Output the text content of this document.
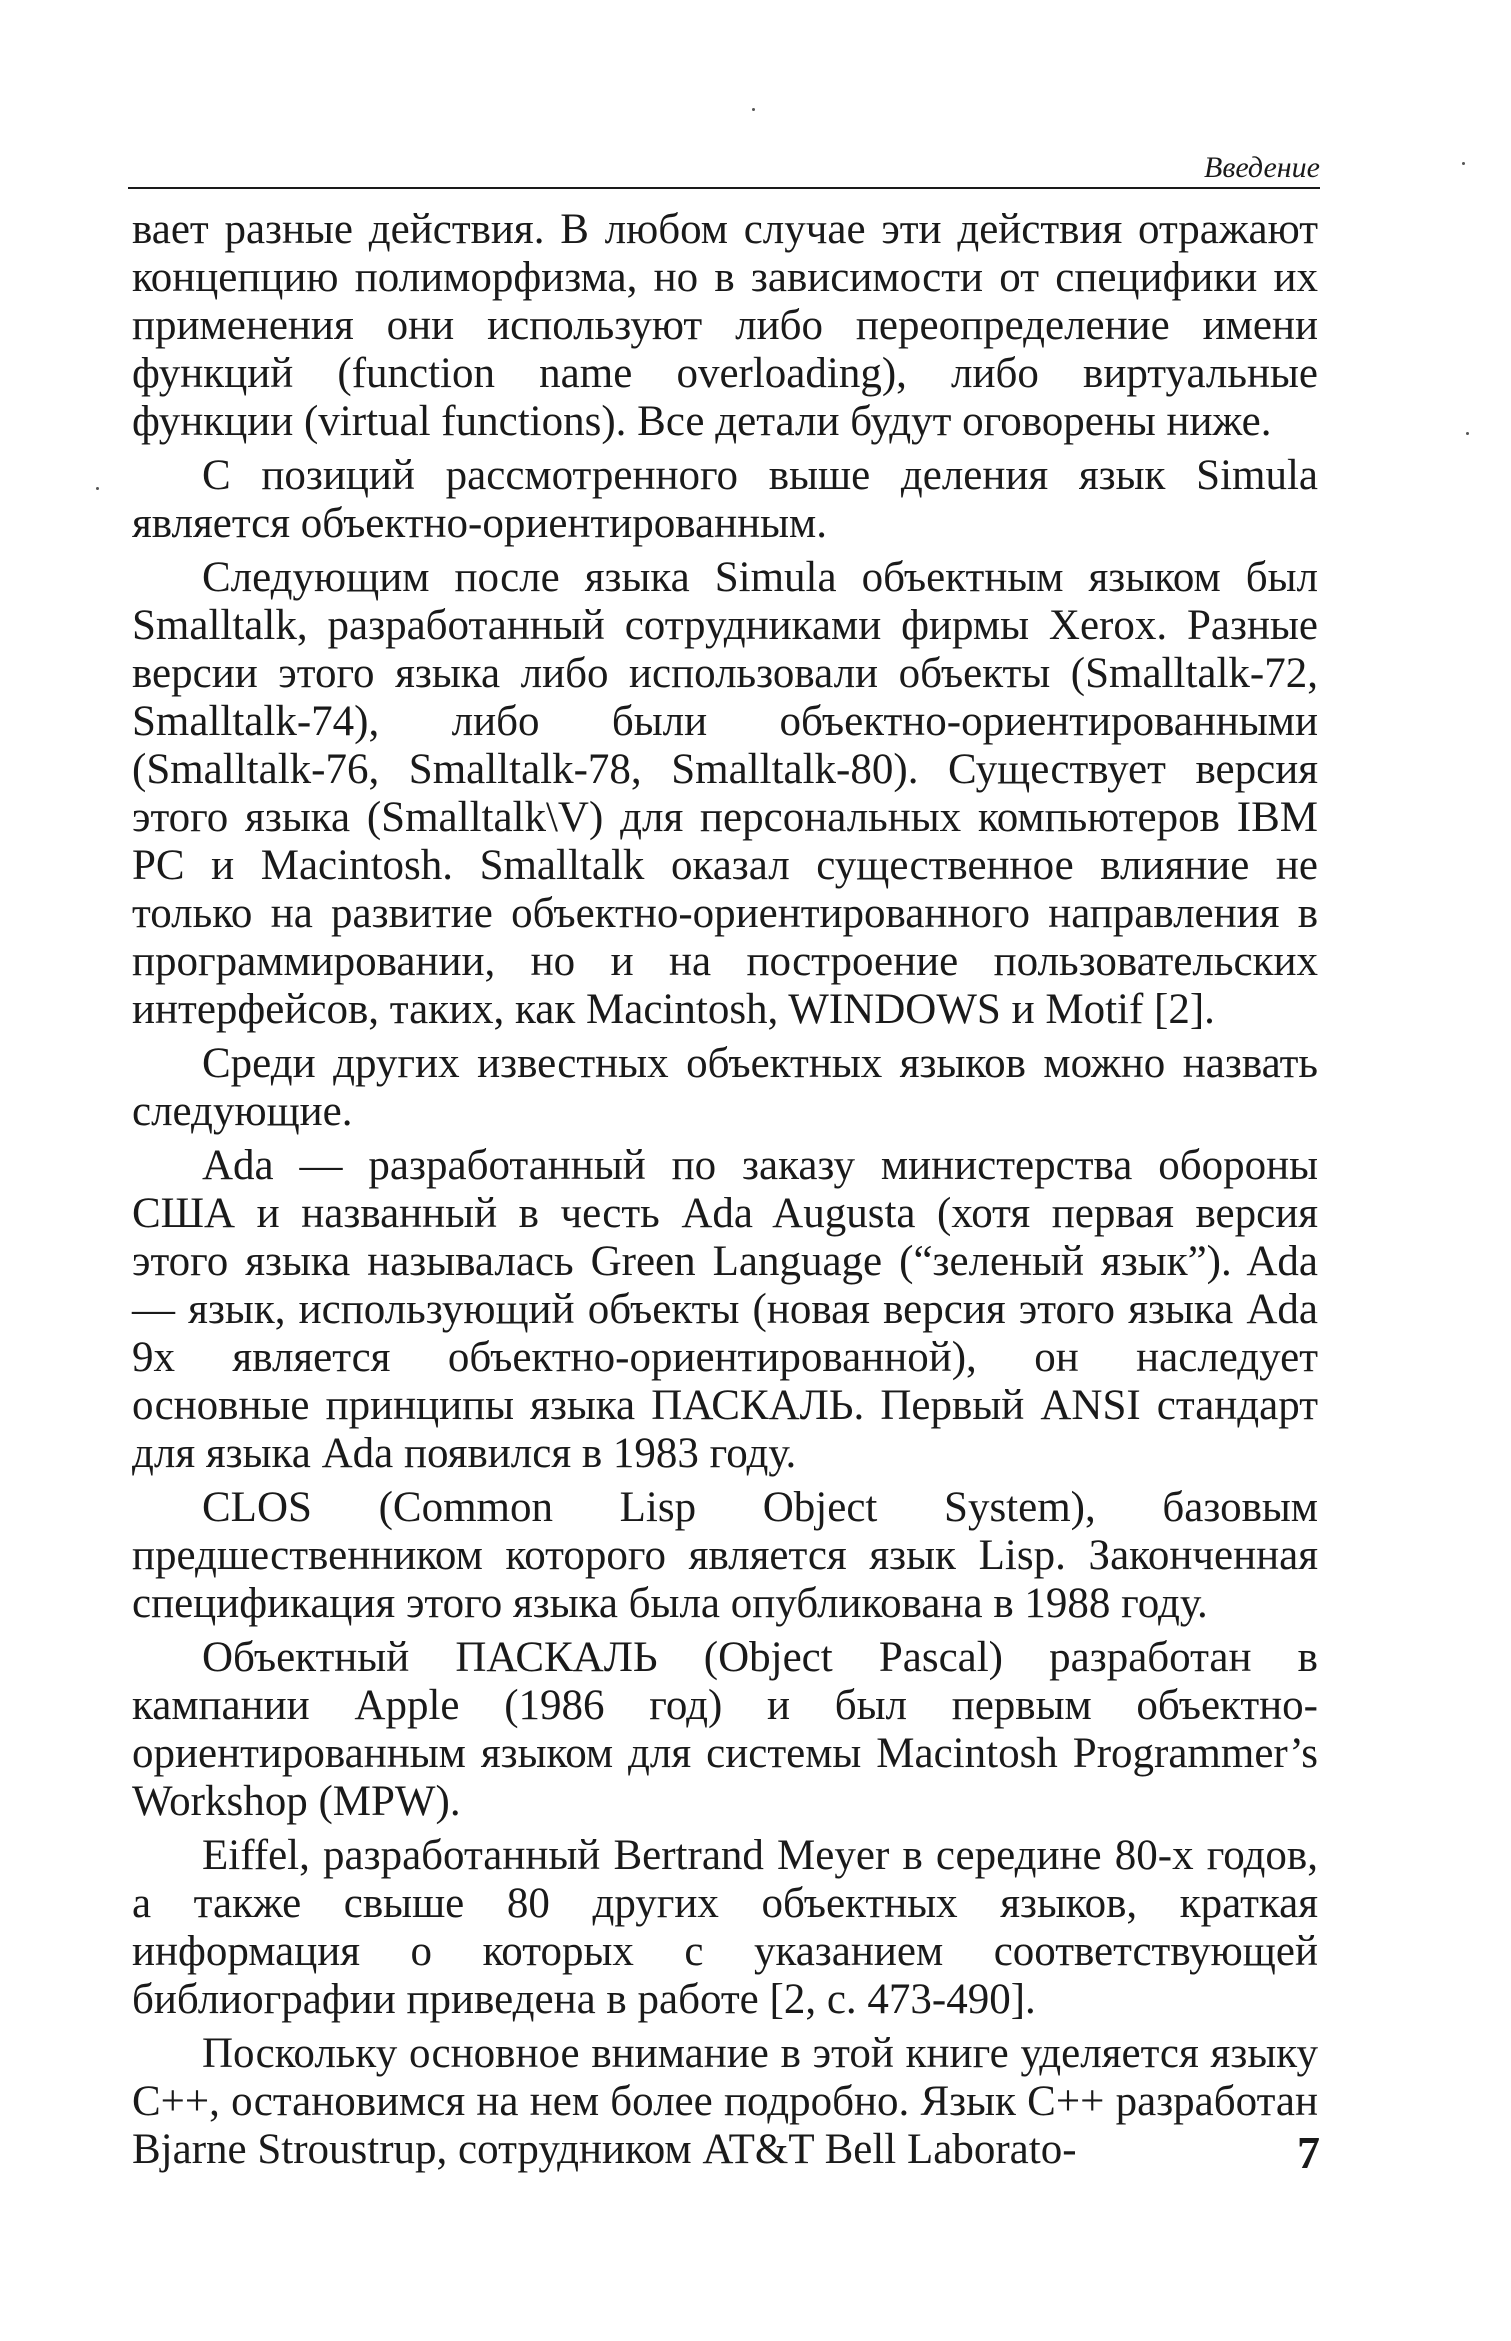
Введение

вает разные действия. В любом случае эти действия отражают концепцию полиморфизма, но в зависимости от специфики их применения они используют либо переопределение имени функций (function name overloading), либо виртуальные функции (virtual functions). Все детали будут оговорены ниже.

С позиций рассмотренного выше деления язык Simula является объектно-ориентированным.

Следующим после языка Simula объектным языком был Smalltalk, разработанный сотрудниками фирмы Xerox. Разные версии этого языка либо использовали объекты (Smalltalk-72, Smalltalk-74), либо были объектно-ориентированными (Smalltalk-76, Smalltalk-78, Smalltalk-80). Существует версия этого языка (Smalltalk\V) для персональных компьютеров IBM PC и Macintosh. Smalltalk оказал существенное влияние не только на развитие объектно-ориентированного направления в программировании, но и на построение пользовательских интерфейсов, таких, как Macintosh, WINDOWS и Motif [2].

Среди других известных объектных языков можно назвать следующие.

Ada — разработанный по заказу министерства обороны США и названный в честь Ada Augusta (хотя первая версия этого языка называлась Green Language (“зеленый язык”). Ada — язык, использующий объекты (новая версия этого языка Ada 9x является объектно-ориентированной), он наследует основные принципы языка ПАСКАЛЬ. Первый ANSI стандарт для языка Ada появился в 1983 году.

CLOS (Common Lisp Object System), базовым предшественником которого является язык Lisp. Законченная спецификация этого языка была опубликована в 1988 году.

Объектный ПАСКАЛЬ (Object Pascal) разработан в кампании Apple (1986 год) и был первым объектно-ориентированным языком для системы Macintosh Programmer’s Workshop (MPW).

Eiffel, разработанный Bertrand Meyer в середине 80-х годов, а также свыше 80 других объектных языков, краткая информация о которых с указанием соответствующей библиографии приведена в работе [2, с. 473-490].

Поскольку основное внимание в этой книге уделяется языку C++, остановимся на нем более подробно. Язык C++ разработан Bjarne Stroustrup, сотрудником AT&T Bell Laborato-	7
